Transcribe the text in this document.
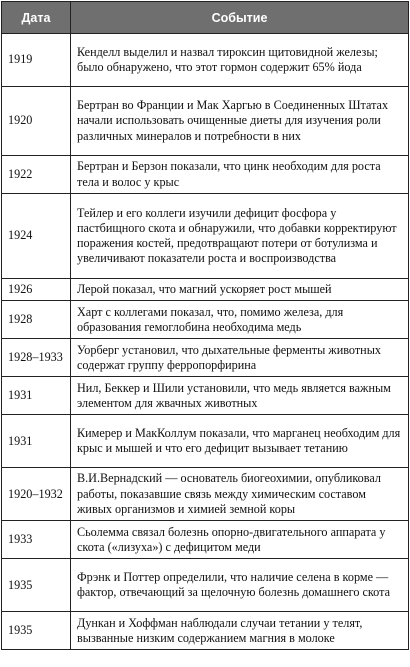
Дата	Событие
1919	Кенделл выделил и назвал тироксин щитовидной железы; было обнаружено, что этот гормон содержит 65% йода
1920	Бертран во Франции и Мак Харгью в Соединенных Штатах начали использовать очищенные диеты для изучения роли различных минералов и потребности в них
1922	Бертран и Берзон показали, что цинк необходим для роста тела и волос у крыс
1924	Тейлер и его коллеги изучили дефицит фосфора у пастбищного скота и обнаружили, что добавки корректируют поражения костей, предотвращают потери от ботулизма и увеличивают показатели роста и воспроизводства
1926	Лерой показал, что магний ускоряет рост мышей
1928	Харт с коллегами показал, что, помимо железа, для образования гемоглобина необходима медь
1928–1933	Уорберг установил, что дыхательные ферменты животных содержат группу ферропорфирина
1931	Нил, Беккер и Шили установили, что медь является важным элементом для жвачных животных
1931	Кимерер и МакКоллум показали, что марганец необходим для крыс и мышей и что его дефицит вызывает тетанию
1920–1932	В.И.Вернадский — основатель биогеохимии, опубликовал работы, показавшие связь между химическим составом живых организмов и химией земной коры
1933	Сьолемма связал болезнь опорно-двигательного аппарата у скота («лизуха») с дефицитом меди
1935	Фрэнк и Поттер определили, что наличие селена в корме — фактор, отвечающий за щелочную болезнь домашнего скота
1935	Дункан и Хоффман наблюдали случаи тетании у телят, вызванные низким содержанием магния в молоке
